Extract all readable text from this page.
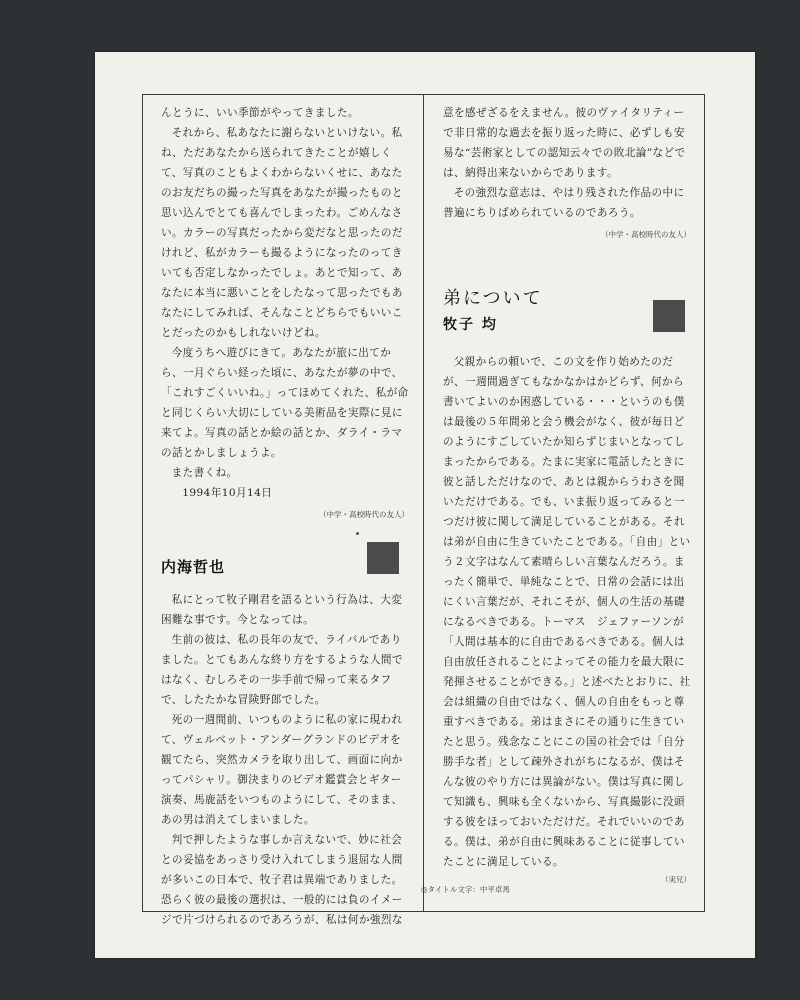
んとうに、いい季節がやってきました。

それから、私あなたに謝らないといけない。私ね、ただあなたから送られてきたことが嬉しくて、写真のこともよくわからないくせに、あなたのお友だちの撮った写真をあなたが撮ったものと思い込んでとても喜んでしまったわ。ごめんなさい。カラーの写真だったから変だなと思ったのだけれど、私がカラーも撮るようになったのってきいても否定しなかったでしょ。あとで知って、あなたに本当に悪いことをしたなって思ったでもあなたにしてみれば、そんなことどちらでもいいことだったのかもしれないけどね。

今度うちへ遊びにきて。あなたが旅に出てから、一月ぐらい経った頃に、あなたが夢の中で、「これすごくいいね。」ってほめてくれた、私が命と同じくらい大切にしている美術品を実際に見に来てよ。写真の話とか絵の話とか、ダライ・ラマの話とかしましょうよ。

また書くね。

1994年10月14日

（中学・高校時代の友人）
内海哲也

私にとって牧子剛君を語るという行為は、大変困難な事です。今となっては。

生前の彼は、私の長年の友で、ライバルでありました。とてもあんな終り方をするような人間ではなく、むしろその一歩手前で帰って来るタフで、したたかな冒険野郎でした。

死の一週間前、いつものように私の家に現われて、ヴェルベット・アンダーグランドのビデオを観てたら、突然カメラを取り出して、画面に向かってパシャリ。御決まりのビデオ鑑賞会とギター演奏、馬鹿話をいつものようにして、そのまま、あの男は消えてしまいました。

判で押したような事しか言えないで、妙に社会との妥協をあっさり受け入れてしまう退屈な人間が多いこの日本で、牧子君は異端でありました。恐らく彼の最後の選択は、一般的には負のイメージで片づけられるのであろうが、私は何か強烈な

意を感ぜざるをえません。彼のヴァイタリティーで非日常的な過去を振り返った時に、必ずしも安易な“芸術家としての認知云々での敗北論”などでは、納得出来ないからであります。

その強烈な意志は、やはり残された作品の中に普遍にちりばめられているのであろう。

（中学・高校時代の友人）
弟について
牧子 均

父親からの頼いで、この文を作り始めたのだが、一週間過ぎてもなかなかはかどらず、何から書いてよいのか困惑している・・・というのも僕は最後の５年間弟と会う機会がなく、彼が毎日どのようにすごしていたか知らずじまいとなってしまったからである。たまに実家に電話したときに彼と話しただけなので、あとは親からうわさを聞いただけである。でも、いま振り返ってみると一つだけ彼に関して満足していることがある。それは弟が自由に生きていたことである。「自由」という２文字はなんて素晴らしい言葉なんだろう。まったく簡単で、単純なことで、日常の会話には出にくい言葉だが、それこそが、個人の生活の基礎になるべきである。トーマス　ジェファーソンが「人間は基本的に自由であるべきである。個人は自由放任されることによってその能力を最大限に発揮させることができる。」と述べたとおりに、社会は組織の自由ではなく、個人の自由をもっと尊重すべきである。弟はまさにその通りに生きていたと思う。残念なことにこの国の社会では「自分勝手な者」として疎外されがちになるが、僕はそんな彼のやり方には異論がない。僕は写真に関して知識も、興味も全くないから、写真撮影に没頭する彼をほっておいただけだ。それでいいのである。僕は、弟が自由に興味あることに従事していたことに満足している。

（実兄）
◎タイトル文字：中平卓馬
